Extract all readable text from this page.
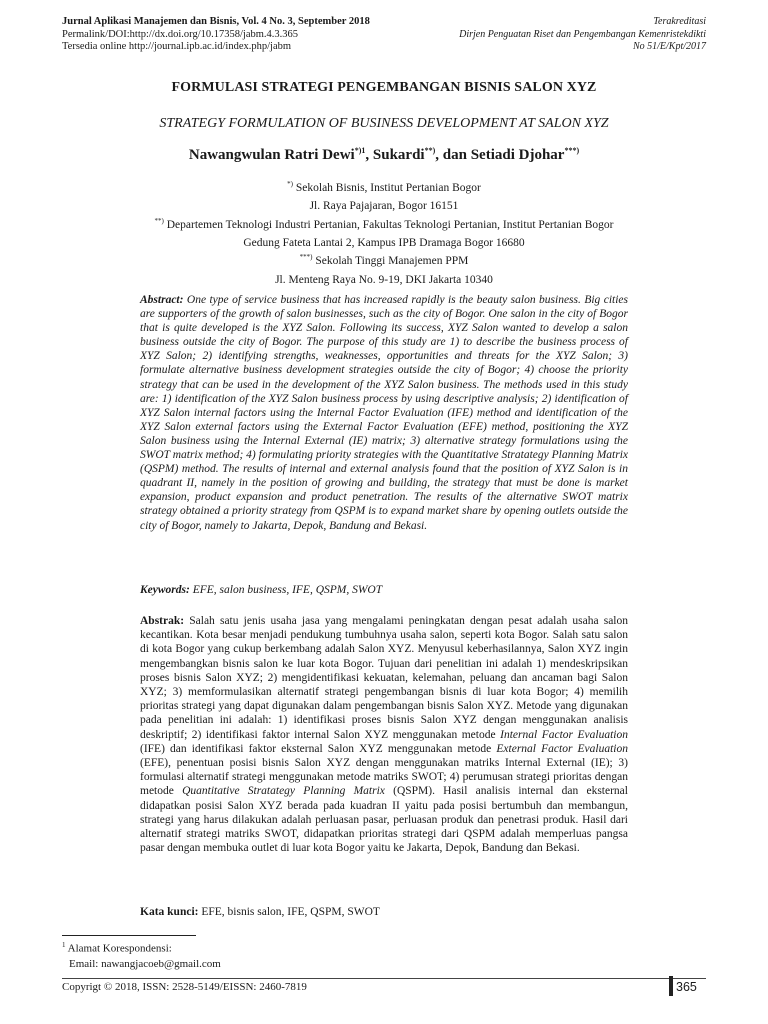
Jurnal Aplikasi Manajemen dan Bisnis, Vol. 4 No. 3, September 2018
Permalink/DOI:http://dx.doi.org/10.17358/jabm.4.3.365
Tersedia online http://journal.ipb.ac.id/index.php/jabm
Terakreditasi
Dirjen Penguatan Riset dan Pengembangan Kemenristekdikti
No 51/E/Kpt/2017
FORMULASI STRATEGI PENGEMBANGAN BISNIS SALON XYZ
STRATEGY FORMULATION OF BUSINESS DEVELOPMENT AT SALON XYZ
Nawangwulan Ratri Dewi$^{*)1}$, Sukardi**), dan Setiadi Djohar***)
*) Sekolah Bisnis, Institut Pertanian Bogor
Jl. Raya Pajajaran, Bogor 16151
**) Departemen Teknologi Industri Pertanian, Fakultas Teknologi Pertanian, Institut Pertanian Bogor
Gedung Fateta Lantai 2, Kampus IPB Dramaga Bogor 16680
***) Sekolah Tinggi Manajemen PPM
Jl. Menteng Raya No. 9-19, DKI Jakarta 10340
Abstract: One type of service business that has increased rapidly is the beauty salon business. Big cities are supporters of the growth of salon businesses, such as the city of Bogor. One salon in the city of Bogor that is quite developed is the XYZ Salon. Following its success, XYZ Salon wanted to develop a salon business outside the city of Bogor. The purpose of this study are 1) to describe the business process of XYZ Salon; 2) identifying strengths, weaknesses, opportunities and threats for the XYZ Salon; 3) formulate alternative business development strategies outside the city of Bogor; 4) choose the priority strategy that can be used in the development of the XYZ Salon business. The methods used in this study are: 1) identification of the XYZ Salon business process by using descriptive analysis; 2) identification of XYZ Salon internal factors using the Internal Factor Evaluation (IFE) method and identification of the XYZ Salon external factors using the External Factor Evaluation (EFE) method, positioning the XYZ Salon business using the Internal External (IE) matrix; 3) alternative strategy formulations using the SWOT matrix method; 4) formulating priority strategies with the Quantitative Stratategy Planning Matrix (QSPM) method. The results of internal and external analysis found that the position of XYZ Salon is in quadrant II, namely in the position of growing and building, the strategy that must be done is market expansion, product expansion and product penetration. The results of the alternative SWOT matrix strategy obtained a priority strategy from QSPM is to expand market share by opening outlets outside the city of Bogor, namely to Jakarta, Depok, Bandung and Bekasi.
Keywords: EFE, salon business, IFE, QSPM, SWOT
Abstrak: Salah satu jenis usaha jasa yang mengalami peningkatan dengan pesat adalah usaha salon kecantikan. Kota besar menjadi pendukung tumbuhnya usaha salon, seperti kota Bogor. Salah satu salon di kota Bogor yang cukup berkembang adalah Salon XYZ. Menyusul keberhasilannya, Salon XYZ ingin mengembangkan bisnis salon ke luar kota Bogor. Tujuan dari penelitian ini adalah 1) mendeskripsikan proses bisnis Salon XYZ; 2) mengidentifikasi kekuatan, kelemahan, peluang dan ancaman bagi Salon XYZ; 3) memformulasikan alternatif strategi pengembangan bisnis di luar kota Bogor; 4) memilih prioritas strategi yang dapat digunakan dalam pengembangan bisnis Salon XYZ. Metode yang digunakan pada penelitian ini adalah: 1) identifikasi proses bisnis Salon XYZ dengan menggunakan analisis deskriptif; 2) identifikasi faktor internal Salon XYZ menggunakan metode Internal Factor Evaluation (IFE) dan identifikasi faktor eksternal Salon XYZ menggunakan metode External Factor Evaluation (EFE), penentuan posisi bisnis Salon XYZ dengan menggunakan matriks Internal External (IE); 3) formulasi alternatif strategi menggunakan metode matriks SWOT; 4) perumusan strategi prioritas dengan metode Quantitative Stratategy Planning Matrix (QSPM). Hasil analisis internal dan eksternal didapatkan posisi Salon XYZ berada pada kuadran II yaitu pada posisi bertumbuh dan membangun, strategi yang harus dilakukan adalah perluasan pasar, perluasan produk dan penetrasi produk. Hasil dari alternatif strategi matriks SWOT, didapatkan prioritas strategi dari QSPM adalah memperluas pangsa pasar dengan membuka outlet di luar kota Bogor yaitu ke Jakarta, Depok, Bandung dan Bekasi.
Kata kunci: EFE, bisnis salon, IFE, QSPM, SWOT
$^1$ Alamat Korespondensi:
Email: nawangjacoeb@gmail.com
Copyrigt © 2018, ISSN: 2528-5149/EISSN: 2460-7819	365
